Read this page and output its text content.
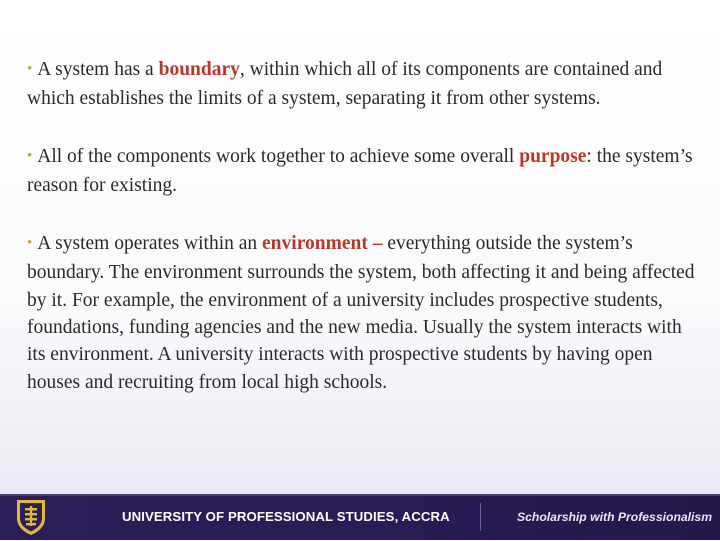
• A system has a boundary, within which all of its components are contained and which establishes the limits of a system, separating it from other systems.

• All of the components work together to achieve some overall purpose: the system’s reason for existing.

• A system operates within an environment – everything outside the system’s boundary. The environment surrounds the system, both affecting it and being affected by it. For example, the environment of a university includes prospective students, foundations, funding agencies and the new media. Usually the system interacts with its environment. A university interacts with prospective students by having open houses and recruiting from local high schools.

UNIVERSITY OF PROFESSIONAL STUDIES, ACCRA	Scholarship with Professionalism
